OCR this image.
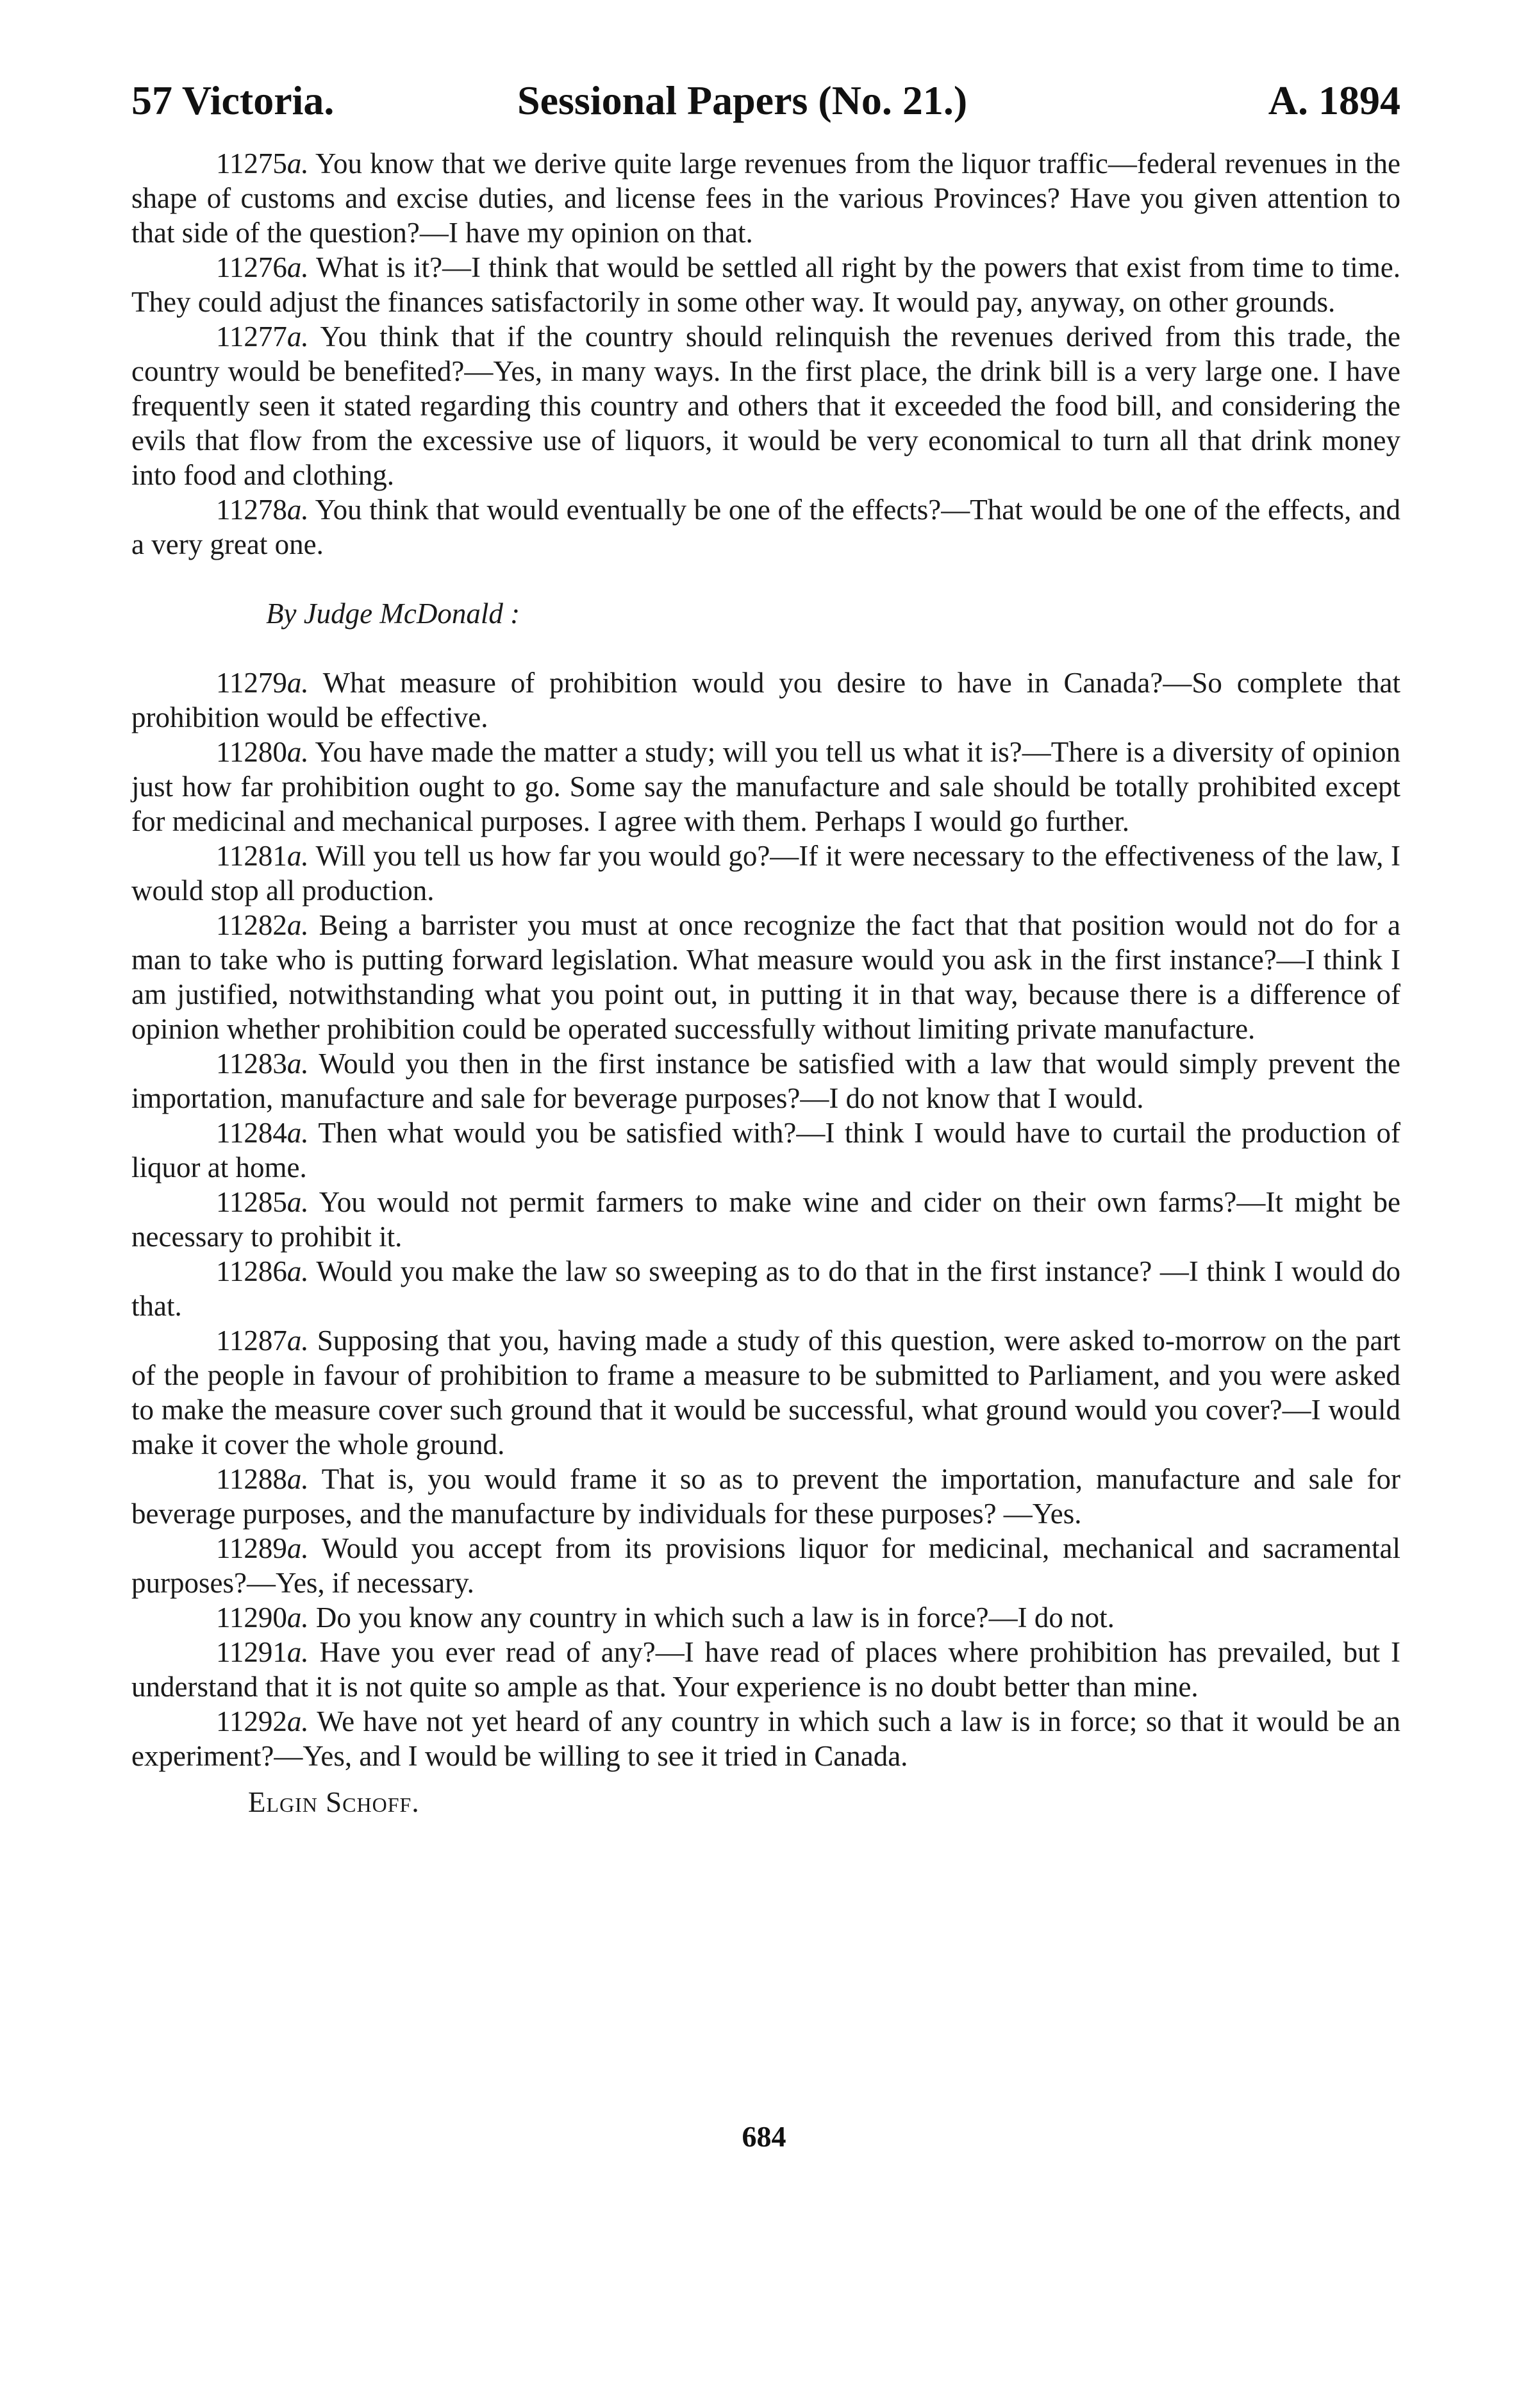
57 Victoria.	Sessional Papers (No. 21.)	A. 1894

11275a. You know that we derive quite large revenues from the liquor traffic—federal revenues in the shape of customs and excise duties, and license fees in the various Provinces? Have you given attention to that side of the question?—I have my opinion on that.

11276a. What is it?—I think that would be settled all right by the powers that exist from time to time. They could adjust the finances satisfactorily in some other way. It would pay, anyway, on other grounds.

11277a. You think that if the country should relinquish the revenues derived from this trade, the country would be benefited?—Yes, in many ways. In the first place, the drink bill is a very large one. I have frequently seen it stated regarding this country and others that it exceeded the food bill, and considering the evils that flow from the excessive use of liquors, it would be very economical to turn all that drink money into food and clothing.

11278a. You think that would eventually be one of the effects?—That would be one of the effects, and a very great one.

By Judge McDonald :

11279a. What measure of prohibition would you desire to have in Canada?—So complete that prohibition would be effective.

11280a. You have made the matter a study; will you tell us what it is?—There is a diversity of opinion just how far prohibition ought to go. Some say the manufacture and sale should be totally prohibited except for medicinal and mechanical purposes. I agree with them. Perhaps I would go further.

11281a. Will you tell us how far you would go?—If it were necessary to the effectiveness of the law, I would stop all production.

11282a. Being a barrister you must at once recognize the fact that that position would not do for a man to take who is putting forward legislation. What measure would you ask in the first instance?—I think I am justified, notwithstanding what you point out, in putting it in that way, because there is a difference of opinion whether prohibition could be operated successfully without limiting private manufacture.

11283a. Would you then in the first instance be satisfied with a law that would simply prevent the importation, manufacture and sale for beverage purposes?—I do not know that I would.

11284a. Then what would you be satisfied with?—I think I would have to curtail the production of liquor at home.

11285a. You would not permit farmers to make wine and cider on their own farms?—It might be necessary to prohibit it.

11286a. Would you make the law so sweeping as to do that in the first instance? —I think I would do that.

11287a. Supposing that you, having made a study of this question, were asked to-morrow on the part of the people in favour of prohibition to frame a measure to be submitted to Parliament, and you were asked to make the measure cover such ground that it would be successful, what ground would you cover?—I would make it cover the whole ground.

11288a. That is, you would frame it so as to prevent the importation, manufacture and sale for beverage purposes, and the manufacture by individuals for these purposes? —Yes.

11289a. Would you accept from its provisions liquor for medicinal, mechanical and sacramental purposes?—Yes, if necessary.

11290a. Do you know any country in which such a law is in force?—I do not.

11291a. Have you ever read of any?—I have read of places where prohibition has prevailed, but I understand that it is not quite so ample as that. Your experience is no doubt better than mine.

11292a. We have not yet heard of any country in which such a law is in force; so that it would be an experiment?—Yes, and I would be willing to see it tried in Canada.

Elgin Schoff.

684
